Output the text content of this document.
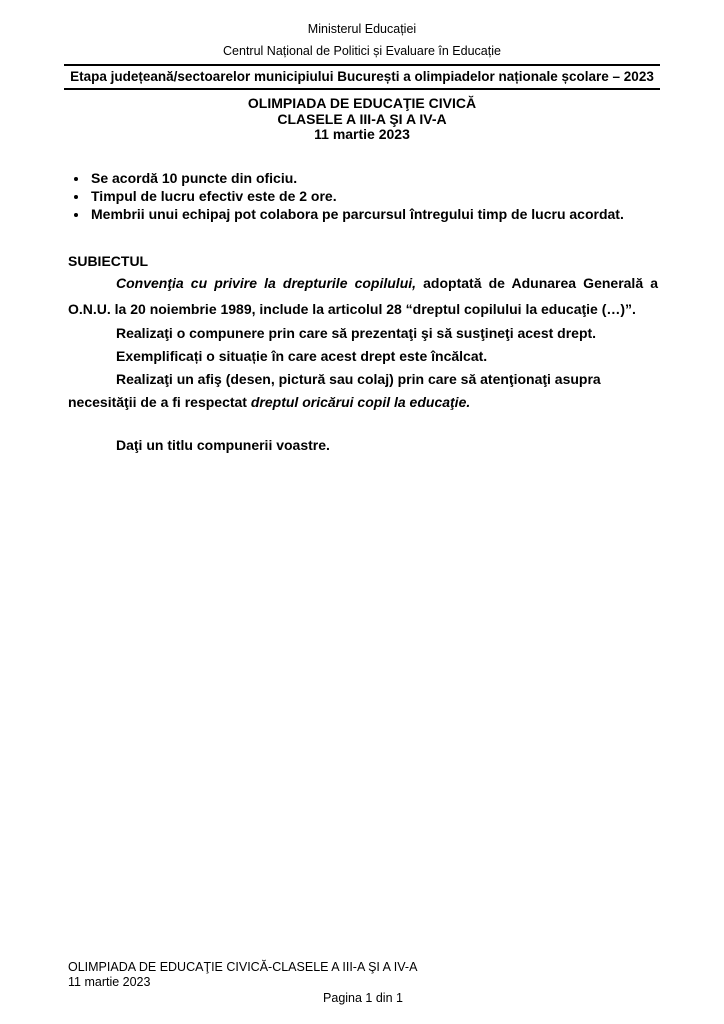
Ministerul Educației
Centrul Național de Politici și Evaluare în Educație
Etapa județeană/sectoarelor municipiului București a olimpiadelor naționale școlare – 2023
OLIMPIADA DE EDUCAŢIE CIVICĂ
CLASELE A III-A ŞI A IV-A
11 martie 2023
• Se acordă 10 puncte din oficiu.
• Timpul de lucru efectiv este de 2 ore.
• Membrii unui echipaj pot colabora pe parcursul întregului timp de lucru acordat.
SUBIECTUL

Convenţia cu privire la drepturile copilului, adoptată de Adunarea Generală a O.N.U. la 20 noiembrie 1989, include la articolul 28 “dreptul copilului la educaţie (…)”.

Realizaţi o compunere prin care să prezentaţi şi să susţineţi acest drept.

Exemplificați o situație în care acest drept este încălcat.

Realizaţi un afiş (desen, pictură sau colaj) prin care să atenţionaţi asupra necesităţii de a fi respectat dreptul oricărui copil la educaţie.

Daţi un titlu compunerii voastre.

OLIMPIADA DE EDUCAŢIE CIVICĂ-CLASELE A III-A ŞI A IV-A
11 martie 2023
Pagina 1 din 1
